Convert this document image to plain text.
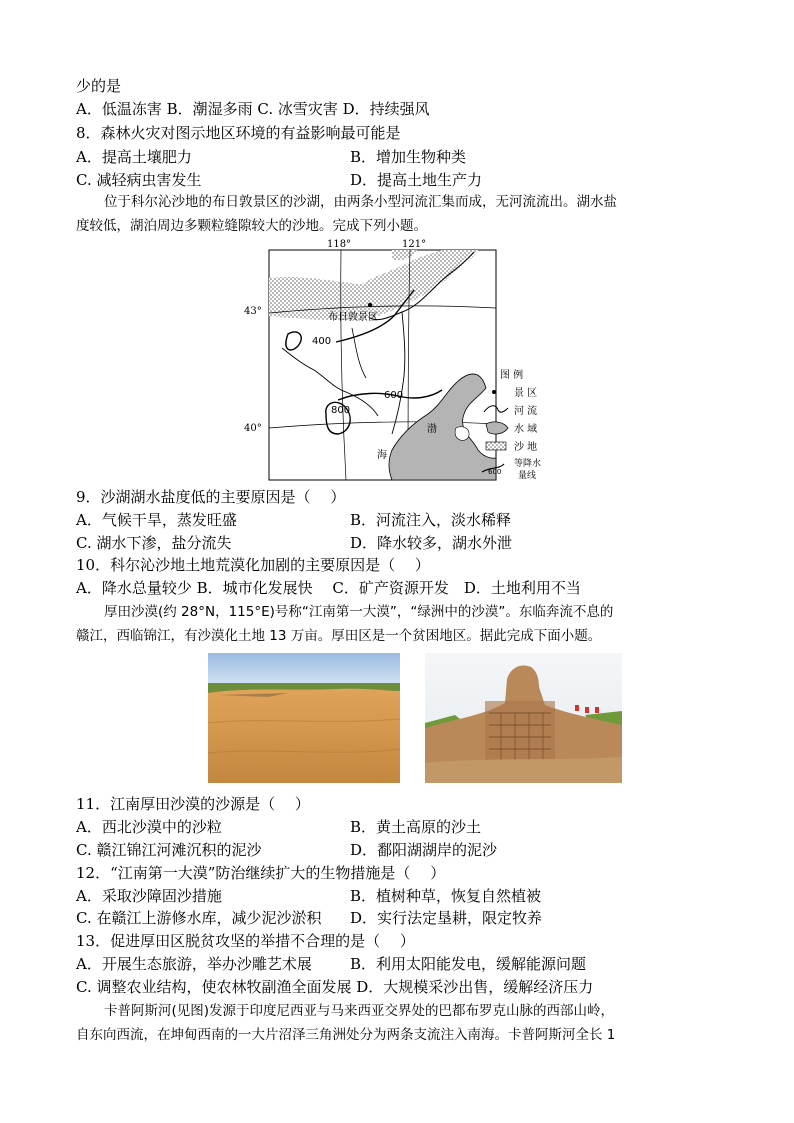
少的是
A．低温冻害 B．潮湿多雨 C. 冰雪灾害 D．持续强风
8．森林火灾对图示地区环境的有益影响最可能是
A．提高土壤肥力	B．增加生物种类
C. 减轻病虫害发生	D．提高土地生产力
位于科尔沁沙地的布日敦景区的沙湖，由两条小型河流汇集而成，无河流流出。湖水盐
度较低，湖泊周边多颗粒缝隙较大的沙地。完成下列小题。
118°	121°
43°
40°	渤
海
400
600
800
布日敦景区
图 例
景 区
河 流
水 域
沙 地
600
等降水
量线
9．沙湖湖水盐度低的主要原因是（　 ）
A．气候干旱，蒸发旺盛	B．河流注入，淡水稀释
C. 湖水下渗，盐分流失	D．降水较多，湖水外泄
10．科尔沁沙地土地荒漠化加剧的主要原因是（　 ）
A．降水总量较少 B．城市化发展快　 C．矿产资源开发　D．土地利用不当
厚田沙漠(约 28°N，115°E)号称“江南第一大漠”，“绿洲中的沙漠”。东临奔流不息的
赣江，西临锦江，有沙漠化土地 13 万亩。厚田区是一个贫困地区。据此完成下面小题。
11．江南厚田沙漠的沙源是（　 ）
A．西北沙漠中的沙粒	B．黄土高原的沙土
C. 赣江锦江河滩沉积的泥沙	D．鄱阳湖湖岸的泥沙
12．“江南第一大漠”防治继续扩大的生物措施是（　 ）
A．采取沙障固沙措施	B．植树种草，恢复自然植被
C. 在赣江上游修水库，减少泥沙淤积 D．实行法定垦耕，限定牧养
13．促进厚田区脱贫攻坚的举措不合理的是（　 ）
A．开展生态旅游，举办沙雕艺术展	B．利用太阳能发电，缓解能源问题
C. 调整农业结构，使农林牧副渔全面发展 D．大规模采沙出售，缓解经济压力
卡普阿斯河(见图)发源于印度尼西亚与马来西亚交界处的巴都布罗克山脉的西部山岭，
自东向西流，在坤甸西南的一大片沼泽三角洲处分为两条支流注入南海。卡普阿斯河全长 1
